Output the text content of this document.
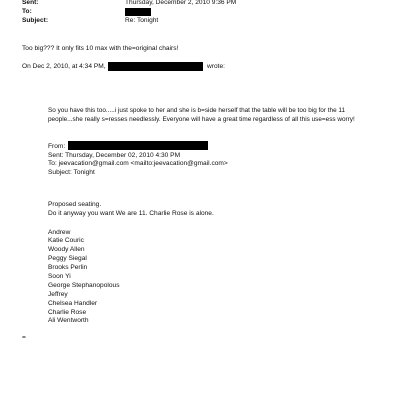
Sent:	Thursday, December 2, 2010 9:36 PM
To:
Subject:	Re: Tonight
Too big??? It only fits 10 max with the=original chairs!
On Dec 2, 2010, at 4:34 PM,	wrote:
So you have this too.....i just spoke to her and she is b=side herself that the table will be too big for the 11
people...she really s=resses needlessly. Everyone will have a great time regardless of all this use=ess worry!
From:
Sent: Thursday, December 02, 2010 4:30 PM
To: jeevacation@gmail.com <mailto:jeevacation@gmail.com>
Subject: Tonight
Proposed seating.
Do it anyway you want We are 11. Charlie Rose is alone.
Andrew
Katie Couric
Woody Allen
Peggy Siegal
Brooks Perlin
Soon Yi
George Stephanopolous
Jeffrey
Chelsea Handler
Charlie Rose
Ali Wentworth
=
